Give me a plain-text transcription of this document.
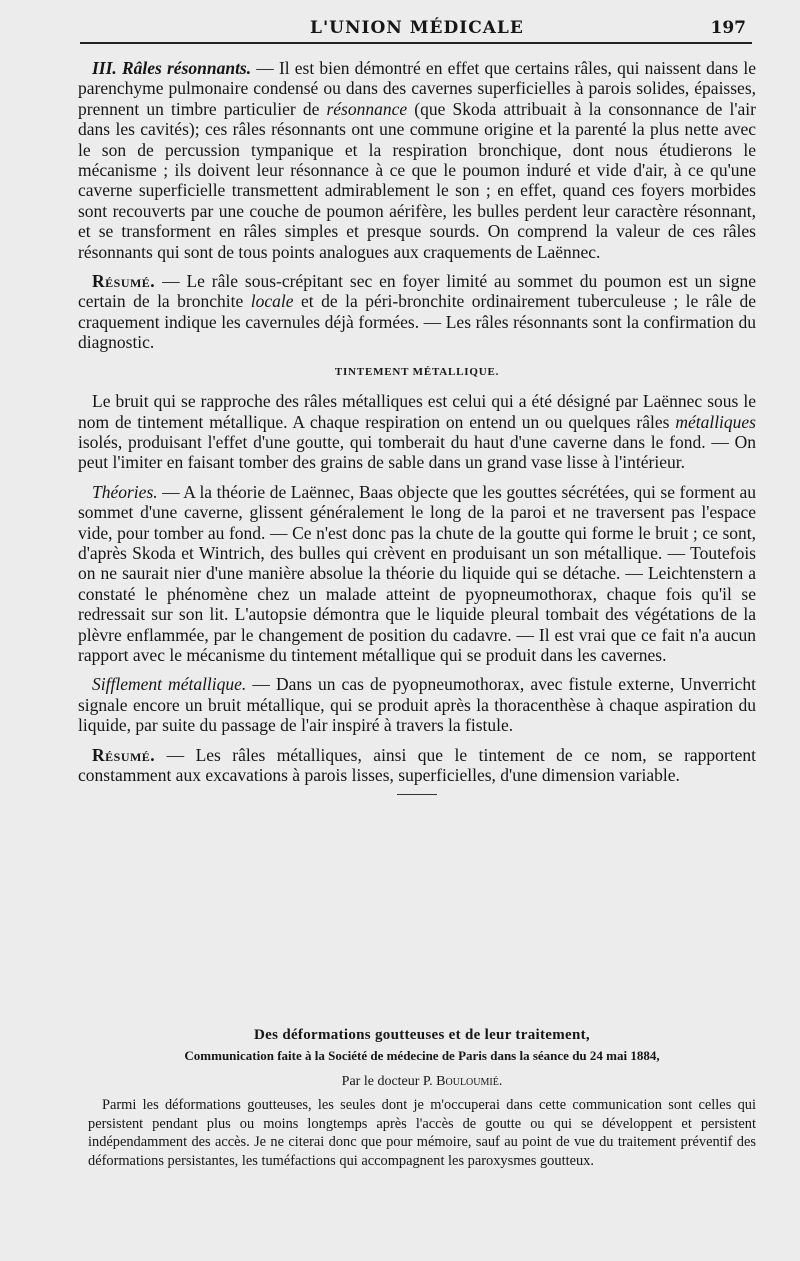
L'UNION MÉDICALE	197

III. Râles résonnants. — Il est bien démontré en effet que certains râles, qui naissent dans le parenchyme pulmonaire condensé ou dans des cavernes superficielles à parois solides, épaisses, prennent un timbre particulier de résonnance (que Skoda attribuait à la consonnance de l'air dans les cavités); ces râles résonnants ont une commune origine et la parenté la plus nette avec le son de percussion tympanique et la respiration bronchique, dont nous étudierons le mécanisme ; ils doivent leur résonnance à ce que le poumon induré et vide d'air, à ce qu'une caverne superficielle transmettent admirablement le son ; en effet, quand ces foyers morbides sont recouverts par une couche de poumon aérifère, les bulles perdent leur caractère résonnant, et se transforment en râles simples et presque sourds. On comprend la valeur de ces râles résonnants qui sont de tous points analogues aux craquements de Laënnec.

Résumé. — Le râle sous-crépitant sec en foyer limité au sommet du poumon est un signe certain de la bronchite locale et de la péri-bronchite ordinairement tuberculeuse ; le râle de craquement indique les cavernules déjà formées. — Les râles résonnants sont la confirmation du diagnostic.

TINTEMENT MÉTALLIQUE.

Le bruit qui se rapproche des râles métalliques est celui qui a été désigné par Laënnec sous le nom de tintement métallique. A chaque respiration on entend un ou quelques râles métalliques isolés, produisant l'effet d'une goutte, qui tomberait du haut d'une caverne dans le fond. — On peut l'imiter en faisant tomber des grains de sable dans un grand vase lisse à l'intérieur.

Théories. — A la théorie de Laënnec, Baas objecte que les gouttes sécrétées, qui se forment au sommet d'une caverne, glissent généralement le long de la paroi et ne traversent pas l'espace vide, pour tomber au fond. — Ce n'est donc pas la chute de la goutte qui forme le bruit ; ce sont, d'après Skoda et Wintrich, des bulles qui crèvent en produisant un son métallique. — Toutefois on ne saurait nier d'une manière absolue la théorie du liquide qui se détache. — Leichtenstern a constaté le phénomène chez un malade atteint de pyopneumothorax, chaque fois qu'il se redressait sur son lit. L'autopsie démontra que le liquide pleural tombait des végétations de la plèvre enflammée, par le changement de position du cadavre. — Il est vrai que ce fait n'a aucun rapport avec le mécanisme du tintement métallique qui se produit dans les cavernes.

Sifflement métallique. — Dans un cas de pyopneumothorax, avec fistule externe, Unverricht signale encore un bruit métallique, qui se produit après la thoracenthèse à chaque aspiration du liquide, par suite du passage de l'air inspiré à travers la fistule.

Résumé. — Les râles métalliques, ainsi que le tintement de ce nom, se rapportent constamment aux excavations à parois lisses, superficielles, d'une dimension variable.

Des déformations goutteuses et de leur traitement,

Communication faite à la Société de médecine de Paris dans la séance du 24 mai 1884,

Par le docteur P. Bouloumié.

Parmi les déformations goutteuses, les seules dont je m'occuperai dans cette communication sont celles qui persistent pendant plus ou moins longtemps après l'accès de goutte ou qui se développent et persistent indépendamment des accès. Je ne citerai donc que pour mémoire, sauf au point de vue du traitement préventif des déformations persistantes, les tuméfactions qui accompagnent les paroxysmes goutteux.
